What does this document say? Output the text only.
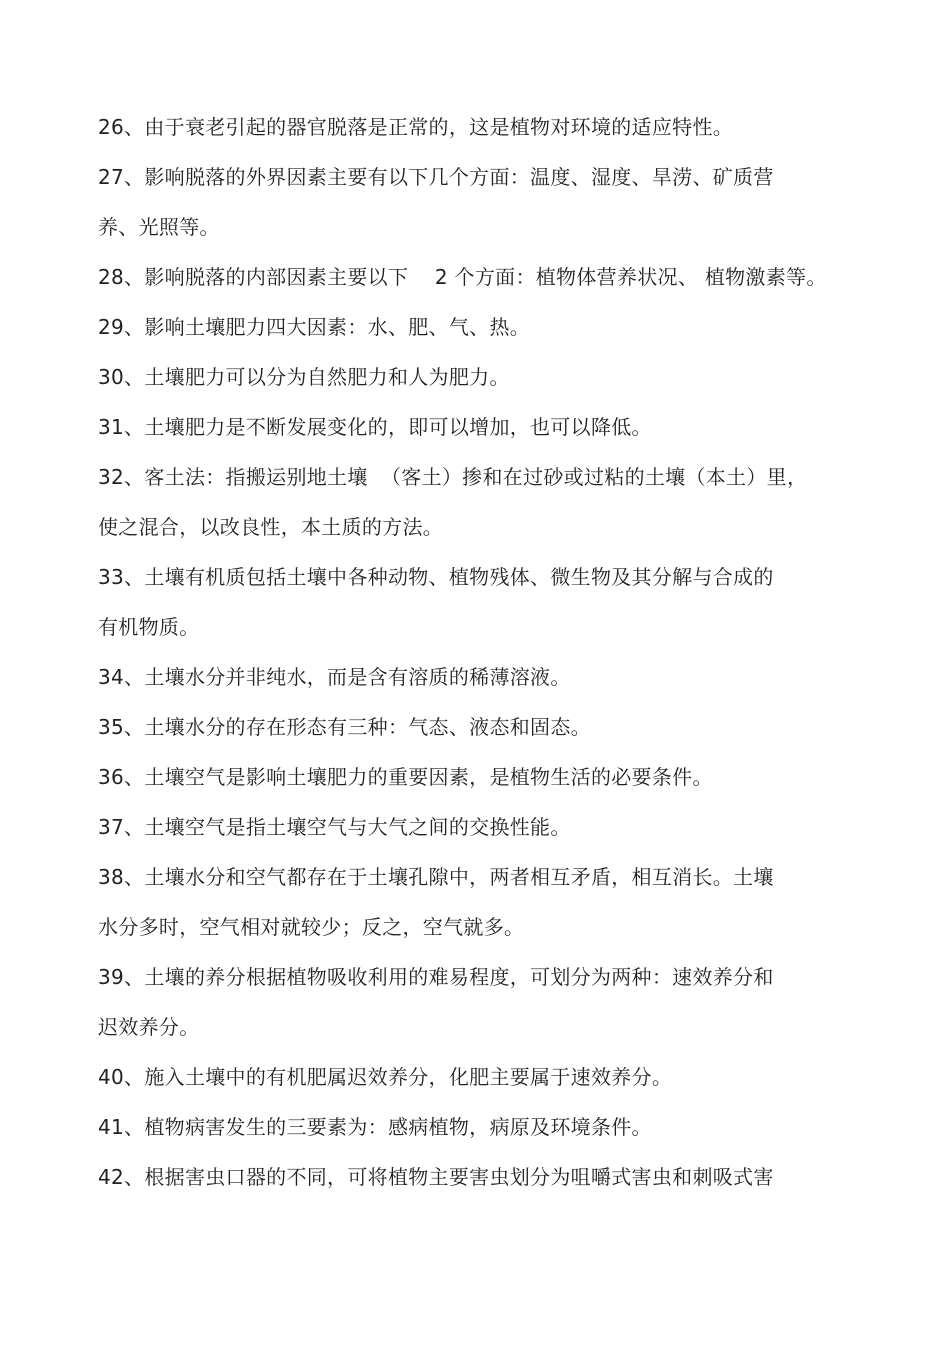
26、由于衰老引起的器官脱落是正常的，这是植物对环境的适应特性。
27、影响脱落的外界因素主要有以下几个方面：温度、湿度、旱涝、矿质营
养、光照等。
28、影响脱落的内部因素主要以下    2 个方面：植物体营养状况、 植物激素等。
29、影响土壤肥力四大因素：水、肥、气、热。
30、土壤肥力可以分为自然肥力和人为肥力。
31、土壤肥力是不断发展变化的，即可以增加，也可以降低。
32、客土法：指搬运别地土壤  （客土）掺和在过砂或过粘的土壤（本土）里，
使之混合，以改良性，本土质的方法。
33、土壤有机质包括土壤中各种动物、植物残体、微生物及其分解与合成的
有机物质。
34、土壤水分并非纯水，而是含有溶质的稀薄溶液。
35、土壤水分的存在形态有三种：气态、液态和固态。
36、土壤空气是影响土壤肥力的重要因素，是植物生活的必要条件。
37、土壤空气是指土壤空气与大气之间的交换性能。
38、土壤水分和空气都存在于土壤孔隙中，两者相互矛盾，相互消长。土壤
水分多时，空气相对就较少；反之，空气就多。
39、土壤的养分根据植物吸收利用的难易程度，可划分为两种：速效养分和
迟效养分。
40、施入土壤中的有机肥属迟效养分，化肥主要属于速效养分。
41、植物病害发生的三要素为：感病植物，病原及环境条件。
42、根据害虫口器的不同，可将植物主要害虫划分为咀嚼式害虫和刺吸式害
